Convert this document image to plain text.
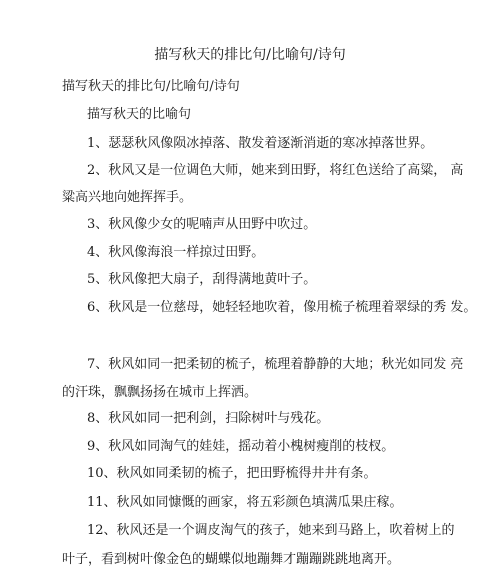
描写秋天的排比句/比喻句/诗句
描写秋天的排比句/比喻句/诗句
描写秋天的比喻句
1、瑟瑟秋风像陨冰掉落、散发着逐渐消逝的寒冰掉落世界。
2、秋风又是一位调色大师，她来到田野，将红色送给了高粱， 高
粱高兴地向她挥挥手。
3、秋风像少女的呢喃声从田野中吹过。
4、秋风像海浪一样掠过田野。
5、秋风像把大扇子，刮得满地黄叶子。
6、秋风是一位慈母，她轻轻地吹着，像用梳子梳理着翠绿的秀 发。
7、秋风如同一把柔韧的梳子，梳理着静静的大地；秋光如同发 亮
的汗珠，飘飘扬扬在城市上挥洒。
8、秋风如同一把利剑，扫除树叶与残花。
9、秋风如同淘气的娃娃，摇动着小槐树瘦削的枝杈。
10、秋风如同柔韧的梳子，把田野梳得井井有条。
11、秋风如同慷慨的画家，将五彩颜色填满瓜果庄稼。
12、秋风还是一个调皮淘气的孩子，她来到马路上，吹着树上的
叶子，看到树叶像金色的蝴蝶似地蹦舞才蹦蹦跳跳地离开。
